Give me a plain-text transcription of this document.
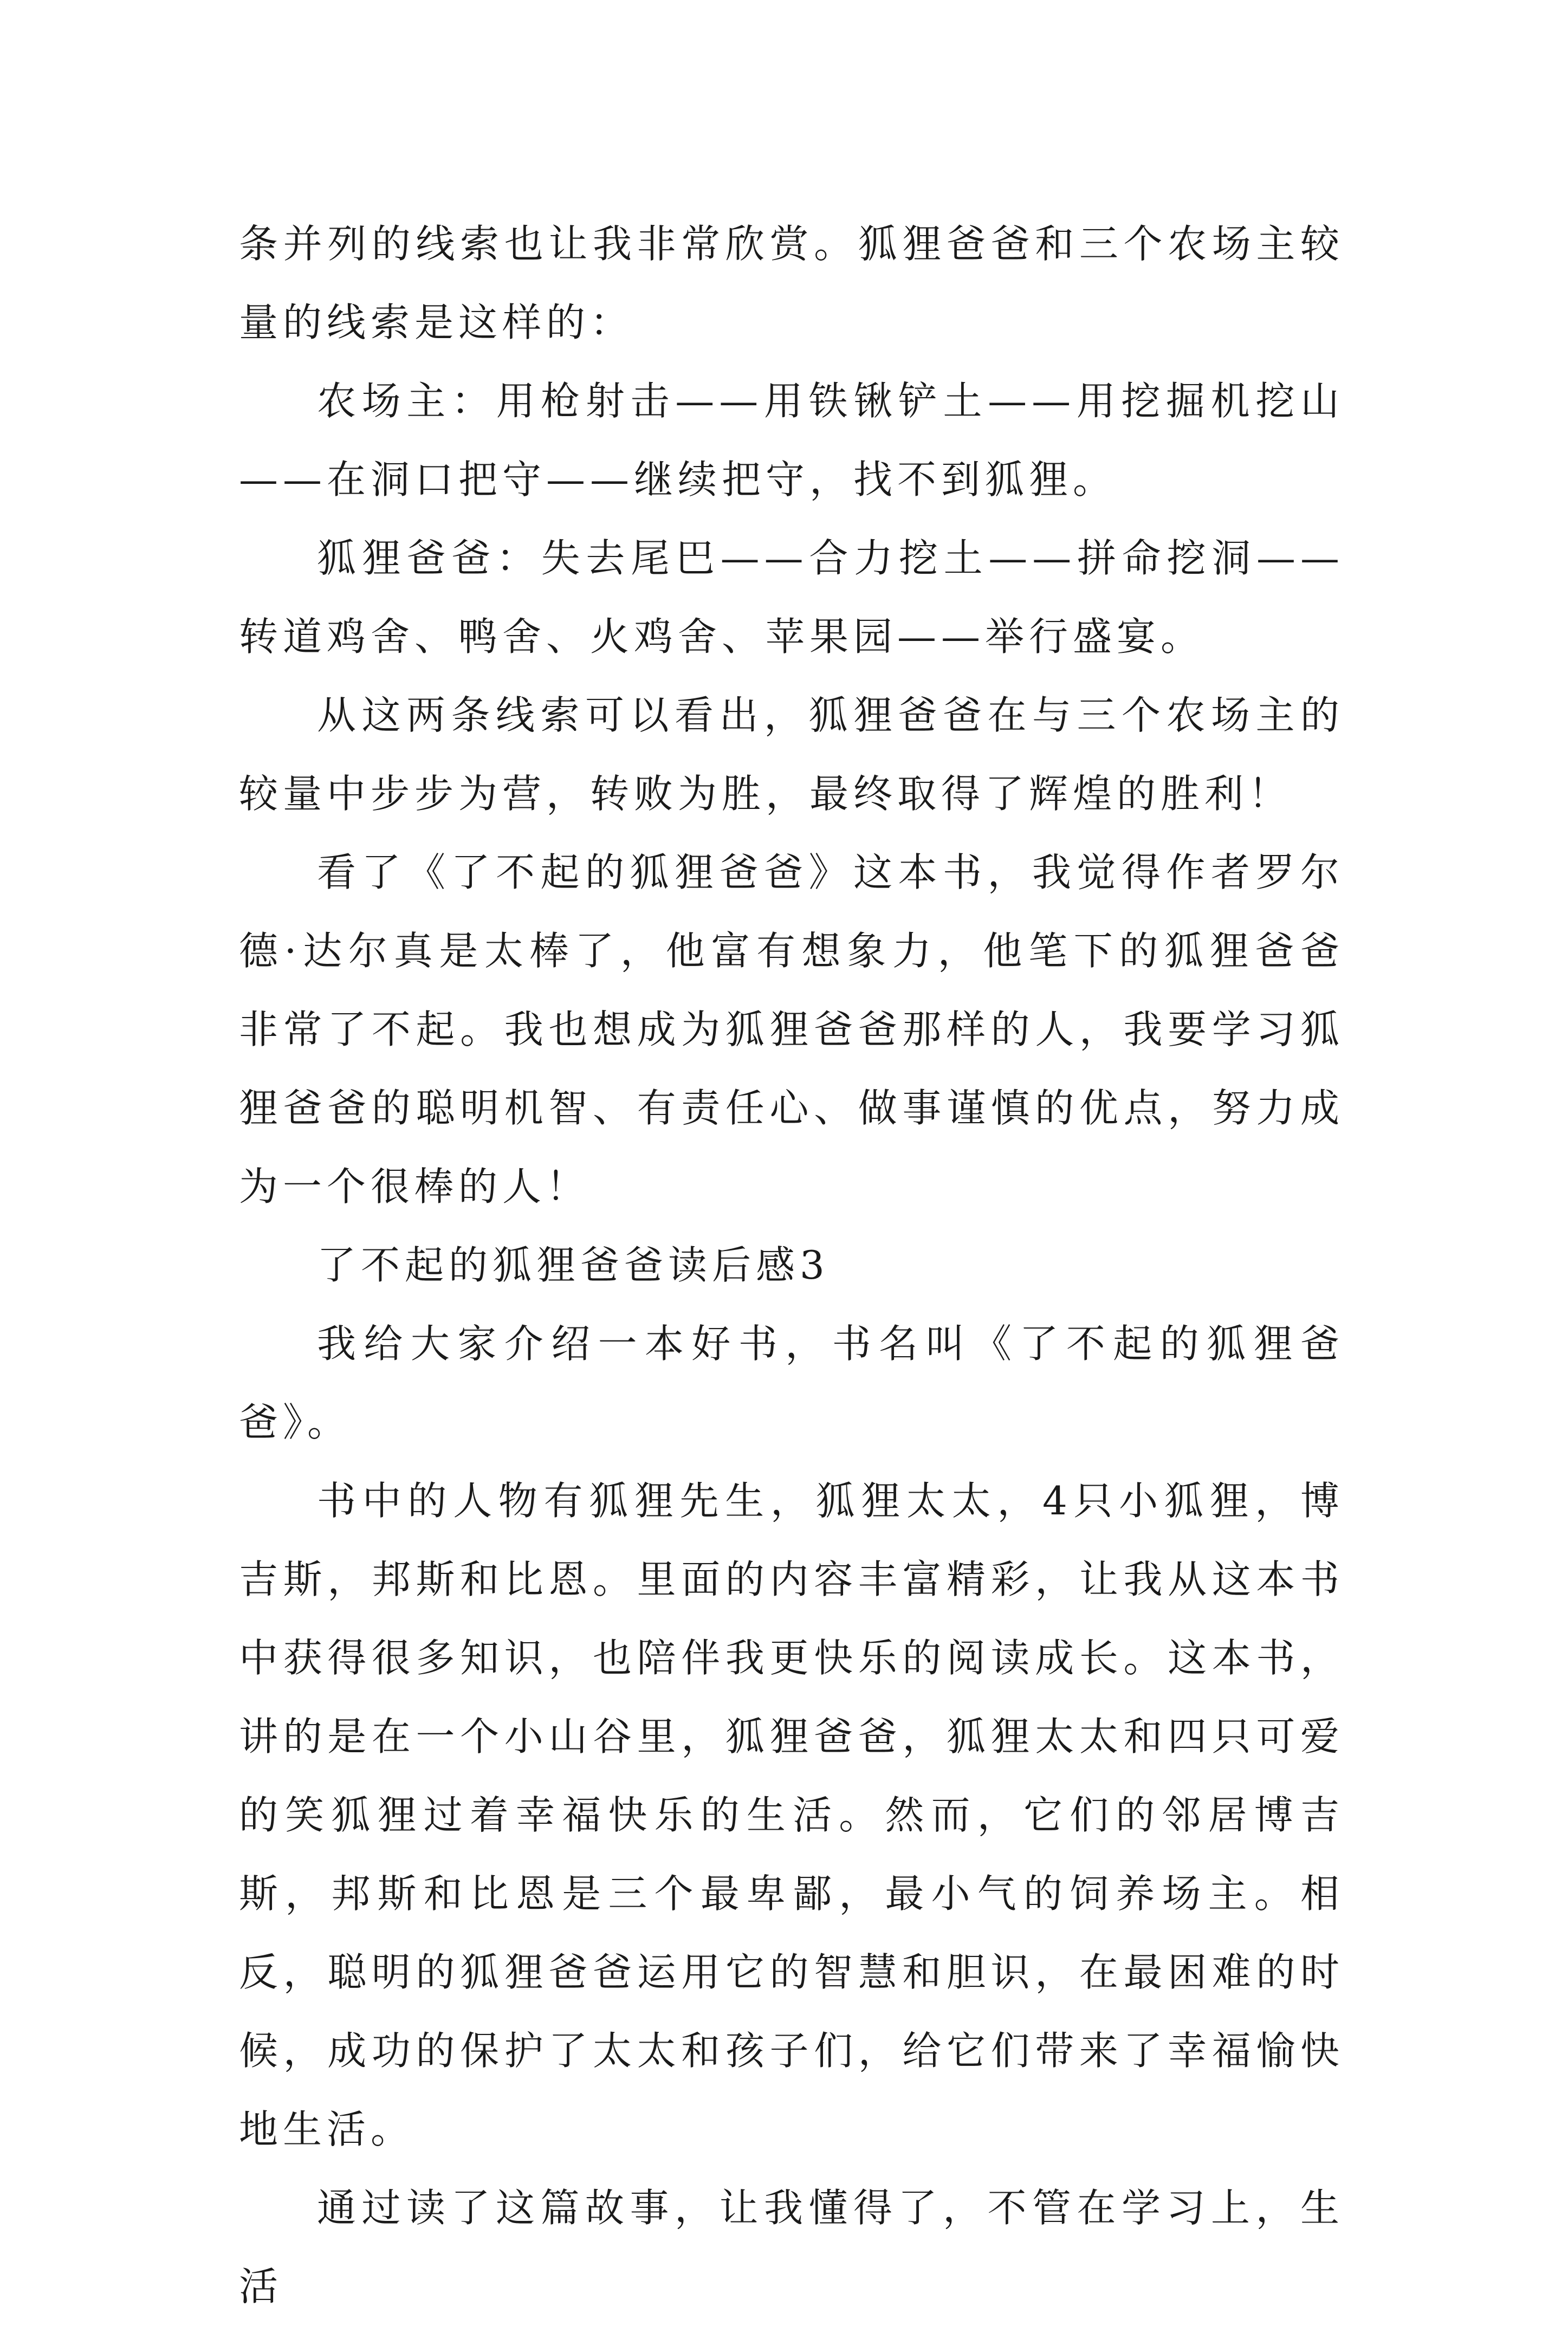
条并列的线索也让我非常欣赏。狐狸爸爸和三个农场主较量的线索是这样的：

农场主：用枪射击——用铁锹铲土——用挖掘机挖山——在洞口把守——继续把守，找不到狐狸。

狐狸爸爸：失去尾巴——合力挖土——拼命挖洞——转道鸡舍、鸭舍、火鸡舍、苹果园——举行盛宴。

从这两条线索可以看出，狐狸爸爸在与三个农场主的较量中步步为营，转败为胜，最终取得了辉煌的胜利！

看了《了不起的狐狸爸爸》这本书，我觉得作者罗尔德·达尔真是太棒了，他富有想象力，他笔下的狐狸爸爸非常了不起。我也想成为狐狸爸爸那样的人，我要学习狐狸爸爸的聪明机智、有责任心、做事谨慎的优点，努力成为一个很棒的人！

了不起的狐狸爸爸读后感3

我给大家介绍一本好书，书名叫《了不起的狐狸爸爸》。

书中的人物有狐狸先生，狐狸太太，4只小狐狸，博吉斯，邦斯和比恩。里面的内容丰富精彩，让我从这本书中获得很多知识，也陪伴我更快乐的阅读成长。这本书，讲的是在一个小山谷里，狐狸爸爸，狐狸太太和四只可爱的笑狐狸过着幸福快乐的生活。然而，它们的邻居博吉斯，邦斯和比恩是三个最卑鄙，最小气的饲养场主。相反，聪明的狐狸爸爸运用它的智慧和胆识，在最困难的时候，成功的保护了太太和孩子们，给它们带来了幸福愉快地生活。

通过读了这篇故事，让我懂得了，不管在学习上，生活
